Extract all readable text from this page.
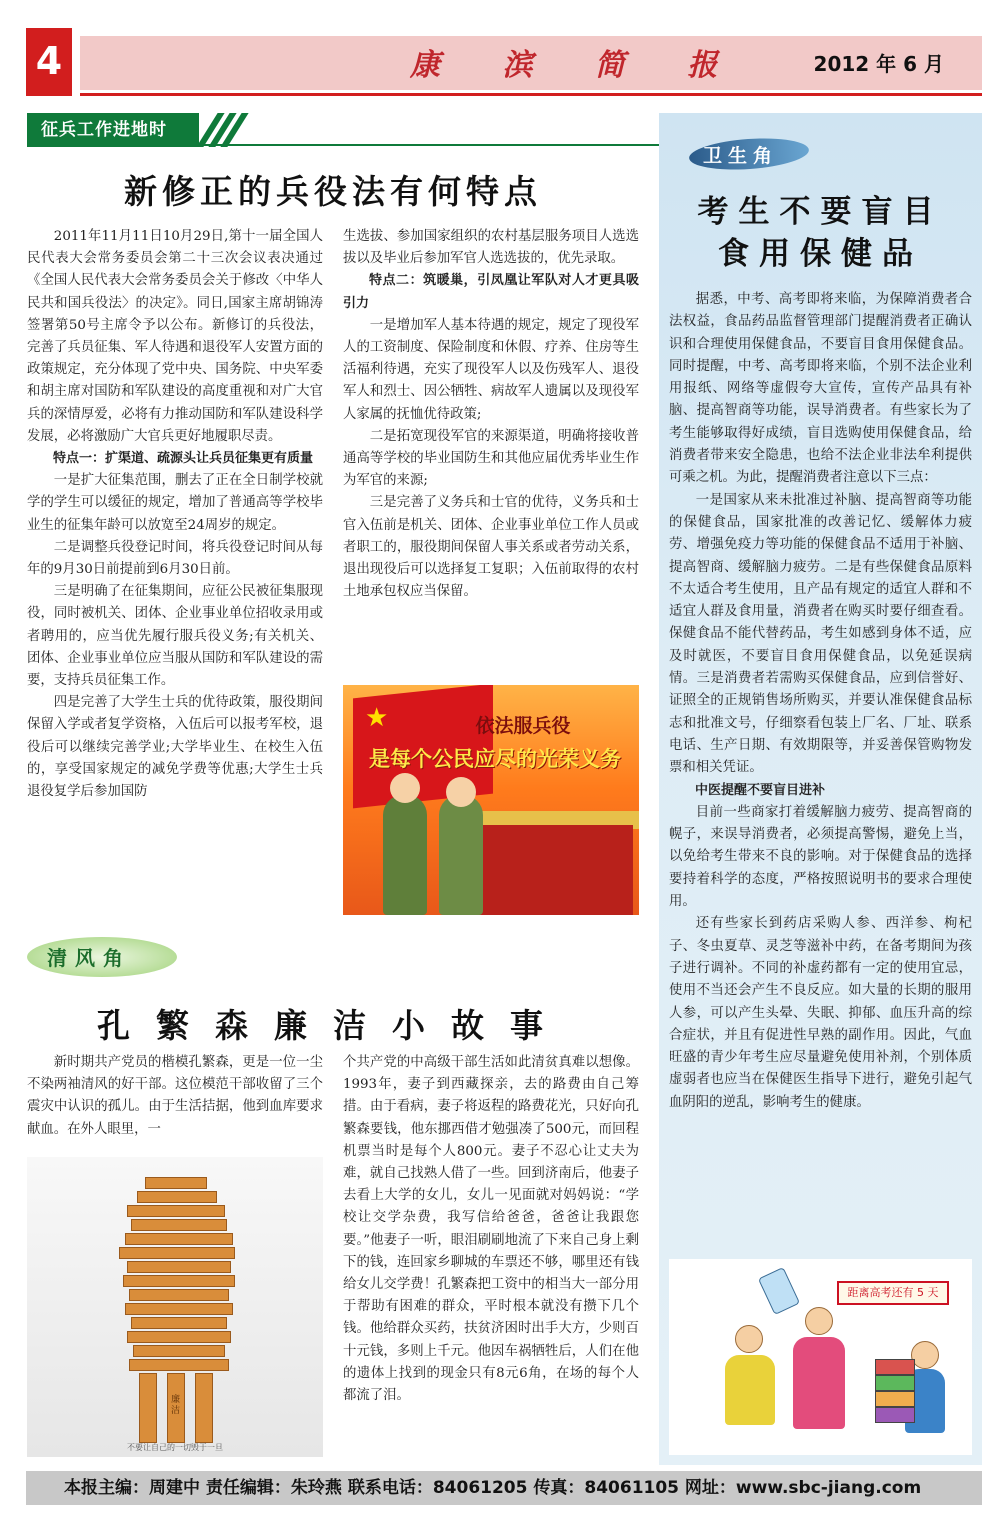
4	康 滨 简 报	2012 年 6 月
征兵工作进地时
新修正的兵役法有何特点

2011年11月11日10月29日,第十一届全国人民代表大会常务委员会第二十三次会议表决通过《全国人民代表大会常务委员会关于修改〈中华人民共和国兵役法〉的决定》。同日,国家主席胡锦涛签署第50号主席令予以公布。新修订的兵役法，完善了兵员征集、军人待遇和退役军人安置方面的政策规定，充分体现了党中央、国务院、中央军委和胡主席对国防和军队建设的高度重视和对广大官兵的深情厚爱，必将有力推动国防和军队建设科学发展，必将激励广大官兵更好地履职尽责。

特点一：扩渠道、疏源头让兵员征集更有质量

一是扩大征集范围，删去了正在全日制学校就学的学生可以缓征的规定，增加了普通高等学校毕业生的征集年龄可以放宽至24周岁的规定。

二是调整兵役登记时间，将兵役登记时间从每年的9月30日前提前到6月30日前。

三是明确了在征集期间，应征公民被征集服现役，同时被机关、团体、企业事业单位招收录用或者聘用的，应当优先履行服兵役义务;有关机关、团体、企业事业单位应当服从国防和军队建设的需要，支持兵员征集工作。

四是完善了大学生士兵的优待政策，服役期间保留入学或者复学资格，入伍后可以报考军校，退役后可以继续完善学业;大学毕业生、在校生入伍的，享受国家规定的减免学费等优惠;大学生士兵退役复学后参加国防

生选拔、参加国家组织的农村基层服务项目人选选拔以及毕业后参加军官人选选拔的，优先录取。

特点二：筑暖巢，引凤凰让军队对人才更具吸引力

一是增加军人基本待遇的规定，规定了现役军人的工资制度、保险制度和休假、疗养、住房等生活福利待遇，充实了现役军人以及伤残军人、退役军人和烈士、因公牺牲、病故军人遗属以及现役军人家属的抚恤优待政策;

二是拓宽现役军官的来源渠道，明确将接收普通高等学校的毕业国防生和其他应届优秀毕业生作为军官的来源;

三是完善了义务兵和士官的优待，义务兵和士官入伍前是机关、团体、企业事业单位工作人员或者职工的，服役期间保留人事关系或者劳动关系，退出现役后可以选择复工复职；入伍前取得的农村土地承包权应当保留。

★	依法服兵役
是每个公民应尽的光荣义务
清风角
孔繁森廉洁小故事

新时期共产党员的楷模孔繁森，更是一位一尘不染两袖清风的好干部。这位模范干部收留了三个震灾中认识的孤儿。由于生活拮据，他到血库要求献血。在外人眼里，一

个共产党的中高级干部生活如此清贫真难以想像。1993年，妻子到西藏探亲，去的路费由自己筹措。由于看病，妻子将返程的路费花光，只好向孔繁森要钱，他东挪西借才勉强凑了500元，而回程机票当时是每个人800元。妻子不忍心让丈夫为难，就自己找熟人借了一些。回到济南后，他妻子去看上大学的女儿，女儿一见面就对妈妈说：“学校让交学杂费，我写信给爸爸，爸爸让我跟您要。”他妻子一听，眼泪刷刷地流了下来自己身上剩下的钱，连回家乡聊城的车票还不够，哪里还有钱给女儿交学费！孔繁森把工资中的相当大一部分用于帮助有困难的群众，平时根本就没有攒下几个钱。他给群众买药，扶贫济困时出手大方，少则百十元钱，多则上千元。他因车祸牺牲后，人们在他的遗体上找到的现金只有8元6角，在场的每个人都流了泪。

廉洁
不要让自己的一切毁于一旦
卫生角
考生不要盲目
食用保健品

据悉，中考、高考即将来临，为保障消费者合法权益，食品药品监督管理部门提醒消费者正确认识和合理使用保健食品，不要盲目食用保健食品。同时提醒，中考、高考即将来临，个别不法企业利用报纸、网络等虚假夸大宣传，宣传产品具有补脑、提高智商等功能，误导消费者。有些家长为了考生能够取得好成绩，盲目选购使用保健食品，给消费者带来安全隐患，也给不法企业非法牟利提供可乘之机。为此，提醒消费者注意以下三点：

一是国家从来未批准过补脑、提高智商等功能的保健食品，国家批准的改善记忆、缓解体力疲劳、增强免疫力等功能的保健食品不适用于补脑、提高智商、缓解脑力疲劳。二是有些保健食品原料不太适合考生使用，且产品有规定的适宜人群和不适宜人群及食用量，消费者在购买时要仔细查看。保健食品不能代替药品，考生如感到身体不适，应及时就医，不要盲目食用保健食品，以免延误病情。三是消费者若需购买保健食品，应到信誉好、证照全的正规销售场所购买，并要认准保健食品标志和批准文号，仔细察看包装上厂名、厂址、联系电话、生产日期、有效期限等，并妥善保管购物发票和相关凭证。

中医提醒不要盲目进补

目前一些商家打着缓解脑力疲劳、提高智商的幌子，来误导消费者，必须提高警惕，避免上当，以免给考生带来不良的影响。对于保健食品的选择要持着科学的态度，严格按照说明书的要求合理使用。

还有些家长到药店采购人参、西洋参、枸杞子、冬虫夏草、灵芝等滋补中药，在备考期间为孩子进行调补。不同的补虚药都有一定的使用宜忌，使用不当还会产生不良反应。如大量的长期的服用人参，可以产生头晕、失眠、抑郁、血压升高的综合症状，并且有促进性早熟的副作用。因此，气血旺盛的青少年考生应尽量避免使用补剂，个别体质虚弱者也应当在保健医生指导下进行，避免引起气血阴阳的逆乱，影响考生的健康。

距离高考还有 5 天
本报主编：周建中 责任编辑：朱玲燕 联系电话：84061205 传真：84061105 网址：www.sbc-jiang.com
